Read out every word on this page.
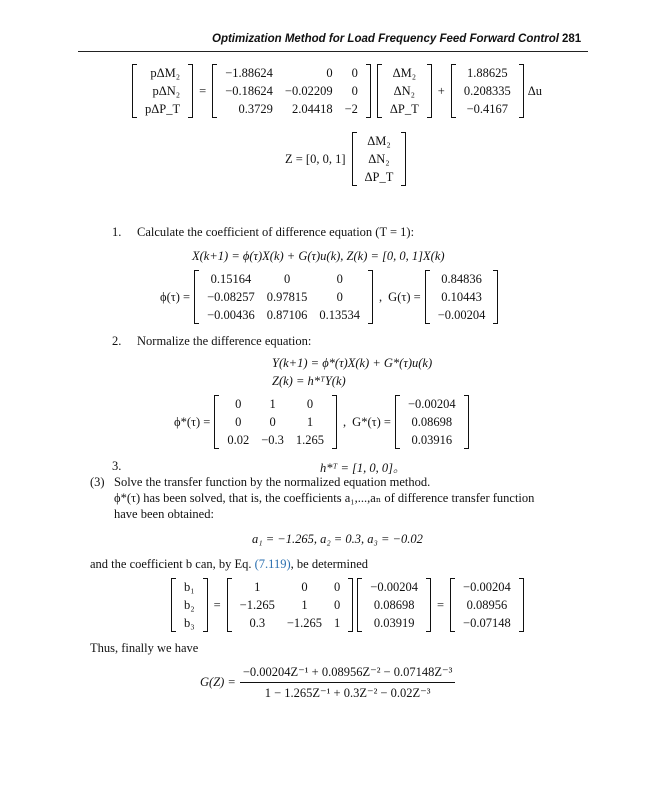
Optimization Method for Load Frequency Feed Forward Control 281
pΔM₂
pΔN₂
pΔP_T
=
−1.88624	0	0
−0.18624	−0.02209	0
0.3729	2.04418	−2
ΔM₂
ΔN₂
ΔP_T
+
1.88625
0.208335
−0.4167
Δu
Z = [0, 0, 1]
ΔM₂
ΔN₂
ΔP_T
1. Calculate the coefficient of difference equation (T = 1):
X(k+1) = ϕ(τ)X(k) + G(τ)u(k), Z(k) = [0, 0, 1]X(k)
ϕ(τ) =
0.15164	0	0
−0.08257	0.97815	0
−0.00436	0.87106	0.13534
, G(τ) =
0.84836
0.10443
−0.00204
2. Normalize the difference equation:
Y(k+1) = ϕ*(τ)X(k) + G*(τ)u(k)
Z(k) = h*ᵀY(k)
ϕ*(τ) =
0	1	0
0	0	1
0.02	−0.3	1.265
, G*(τ) =
−0.00204
0.08698
0.03916
3.	h*ᵀ = [1, 0, 0]。
(3) Solve the transfer function by the normalized equation method.
ϕ*(τ) has been solved, that is, the coefficients a₁,...,aₙ of difference transfer function
have been obtained:
a₁ = −1.265, a₂ = 0.3, a₃ = −0.02
and the coefficient b can, by Eq. (7.119), be determined
b₁
b₂
b₃
=
1	0	0
−1.265	1	0
0.3	−1.265	1
−0.00204
0.08698
0.03919
=
−0.00204
0.08956
−0.07148
Thus, finally we have
$G(Z) = \frac{\text{−0.00204Z⁻¹ + 0.08956Z⁻² − 0.07148Z⁻³}}{\text{1 − 1.265Z⁻¹ + 0.3Z⁻² − 0.02Z⁻³}}$
